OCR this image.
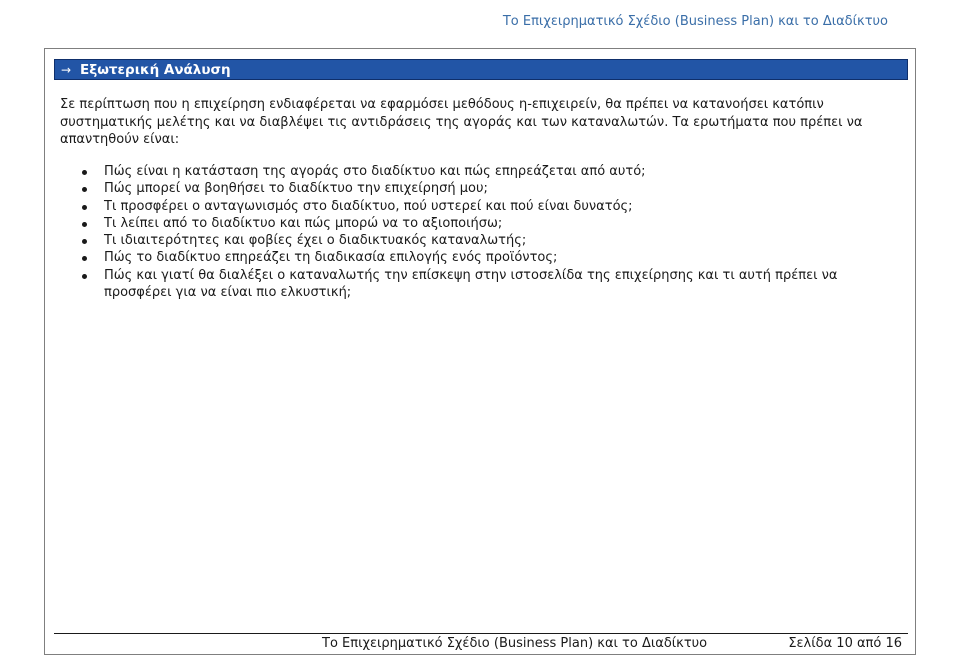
Το Επιχειρηματικό Σχέδιο (Business Plan) και το Διαδίκτυο
→ Εξωτερική Ανάλυση
Σε περίπτωση που η επιχείρηση ενδιαφέρεται να εφαρμόσει μεθόδους η-επιχειρείν, θα πρέπει να κατανοήσει κατόπιν συστηματικής μελέτης και να διαβλέψει τις αντιδράσεις της αγοράς και των καταναλωτών. Τα ερωτήματα που πρέπει να απαντηθούν είναι:
Πώς είναι η κατάσταση της αγοράς στο διαδίκτυο και πώς επηρεάζεται από αυτό;
Πώς μπορεί να βοηθήσει το διαδίκτυο την επιχείρησή μου;
Τι προσφέρει ο ανταγωνισμός στο διαδίκτυο, πού υστερεί και πού είναι δυνατός;
Τι λείπει από το διαδίκτυο και πώς μπορώ να το αξιοποιήσω;
Τι ιδιαιτερότητες και φοβίες έχει ο διαδικτυακός καταναλωτής;
Πώς το διαδίκτυο επηρεάζει τη διαδικασία επιλογής ενός προϊόντος;
Πώς και γιατί θα διαλέξει ο καταναλωτής την επίσκεψη στην ιστοσελίδα της επιχείρησης και τι αυτή πρέπει να προσφέρει για να είναι πιο ελκυστική;
Το Επιχειρηματικό Σχέδιο (Business Plan) και το Διαδίκτυο	Σελίδα 10 από 16
